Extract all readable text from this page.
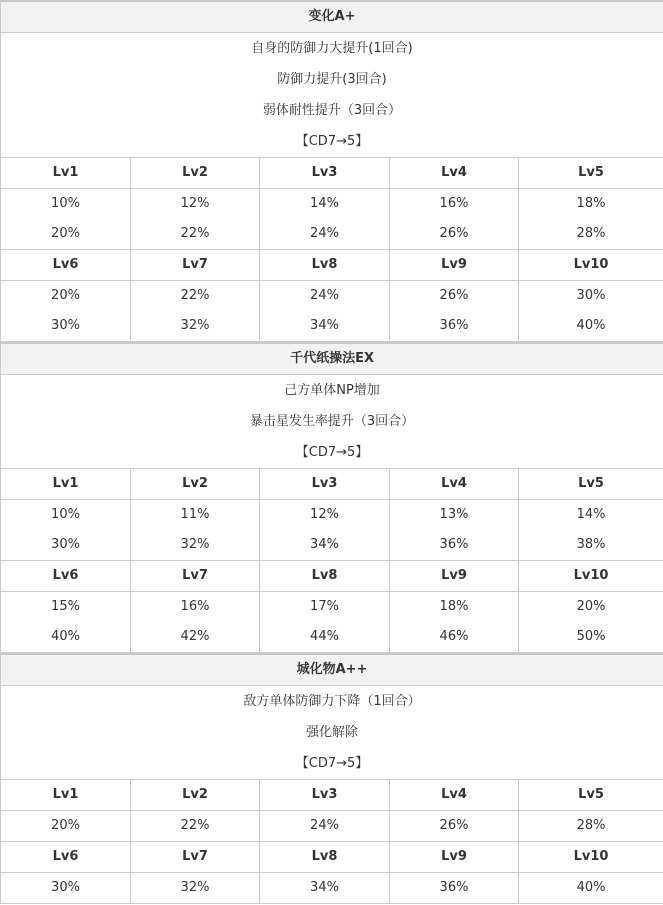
变化A+				

自身的防御力大提升(1回合)
防御力提升(3回合)
弱体耐性提升（3回合）
【CD7→5】				

Lv1	Lv2	Lv3	Lv4	Lv5
10%	12%	14%	16%	18%
20%	22%	24%	26%	28%
Lv6	Lv7	Lv8	Lv9	Lv10
20%	22%	24%	26%	30%
30%	32%	34%	36%	40%
千代纸操法EX				

己方单体NP增加
暴击星发生率提升（3回合）
【CD7→5】				

Lv1	Lv2	Lv3	Lv4	Lv5
10%	11%	12%	13%	14%
30%	32%	34%	36%	38%
Lv6	Lv7	Lv8	Lv9	Lv10
15%	16%	17%	18%	20%
40%	42%	44%	46%	50%
城化物A++				

敌方单体防御力下降（1回合）
强化解除
【CD7→5】				

Lv1	Lv2	Lv3	Lv4	Lv5
20%	22%	24%	26%	28%
Lv6	Lv7	Lv8	Lv9	Lv10
30%	32%	34%	36%	40%
